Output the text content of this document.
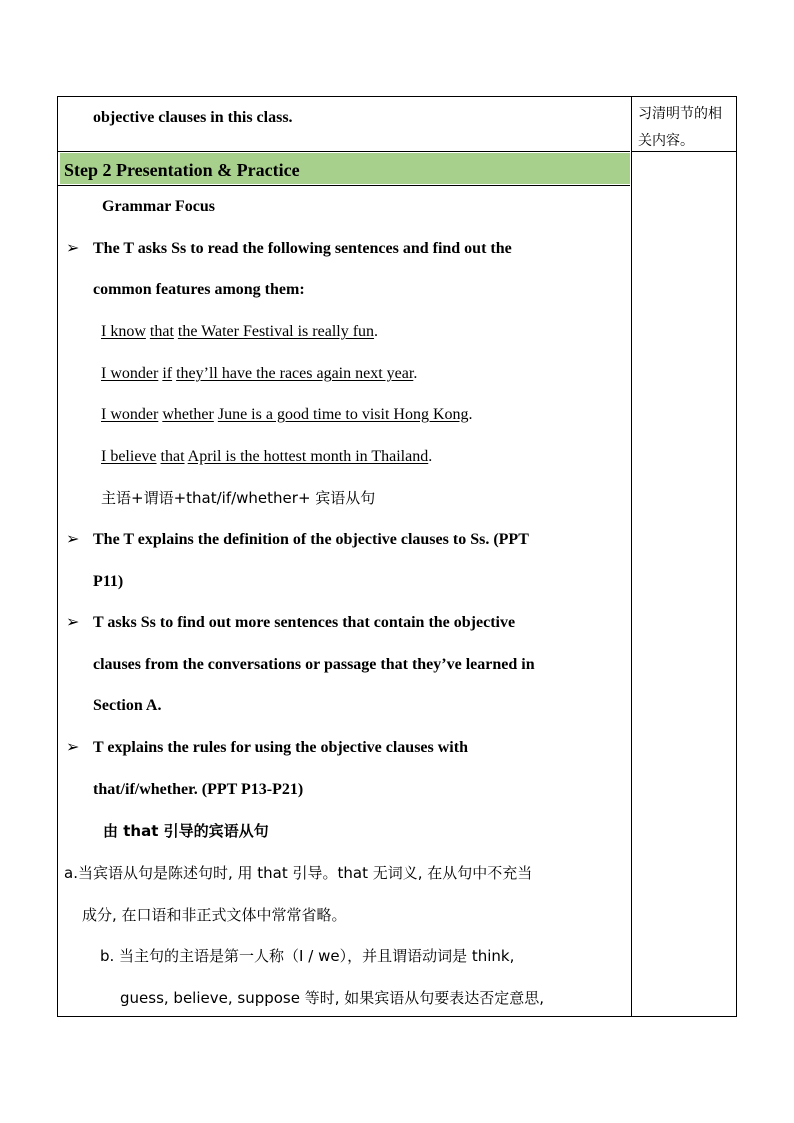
objective clauses in this class.	习清明节的相
关内容。
Step 2 Presentation & Practice
Grammar Focus
➢ The T asks Ss to read the following sentences and find out the
common features among them:
I know that the Water Festival is really fun.
I wonder if they’ll have the races again next year.
I wonder whether June is a good time to visit Hong Kong.
I believe that April is the hottest month in Thailand.
主语+谓语+that/if/whether+ 宾语从句
➢ The T explains the definition of the objective clauses to Ss. (PPT
P11)
➢ T asks Ss to find out more sentences that contain the objective
clauses from the conversations or passage that they’ve learned in
Section A.
➢ T explains the rules for using the objective clauses with
that/if/whether. (PPT P13-P21)
由 that 引导的宾语从句
a.当宾语从句是陈述句时, 用 that 引导。that 无词义, 在从句中不充当
成分, 在口语和非正式文体中常常省略。
b. 当主句的主语是第一人称（I / we），并且谓语动词是 think,
guess, believe, suppose 等时, 如果宾语从句要表达否定意思,
